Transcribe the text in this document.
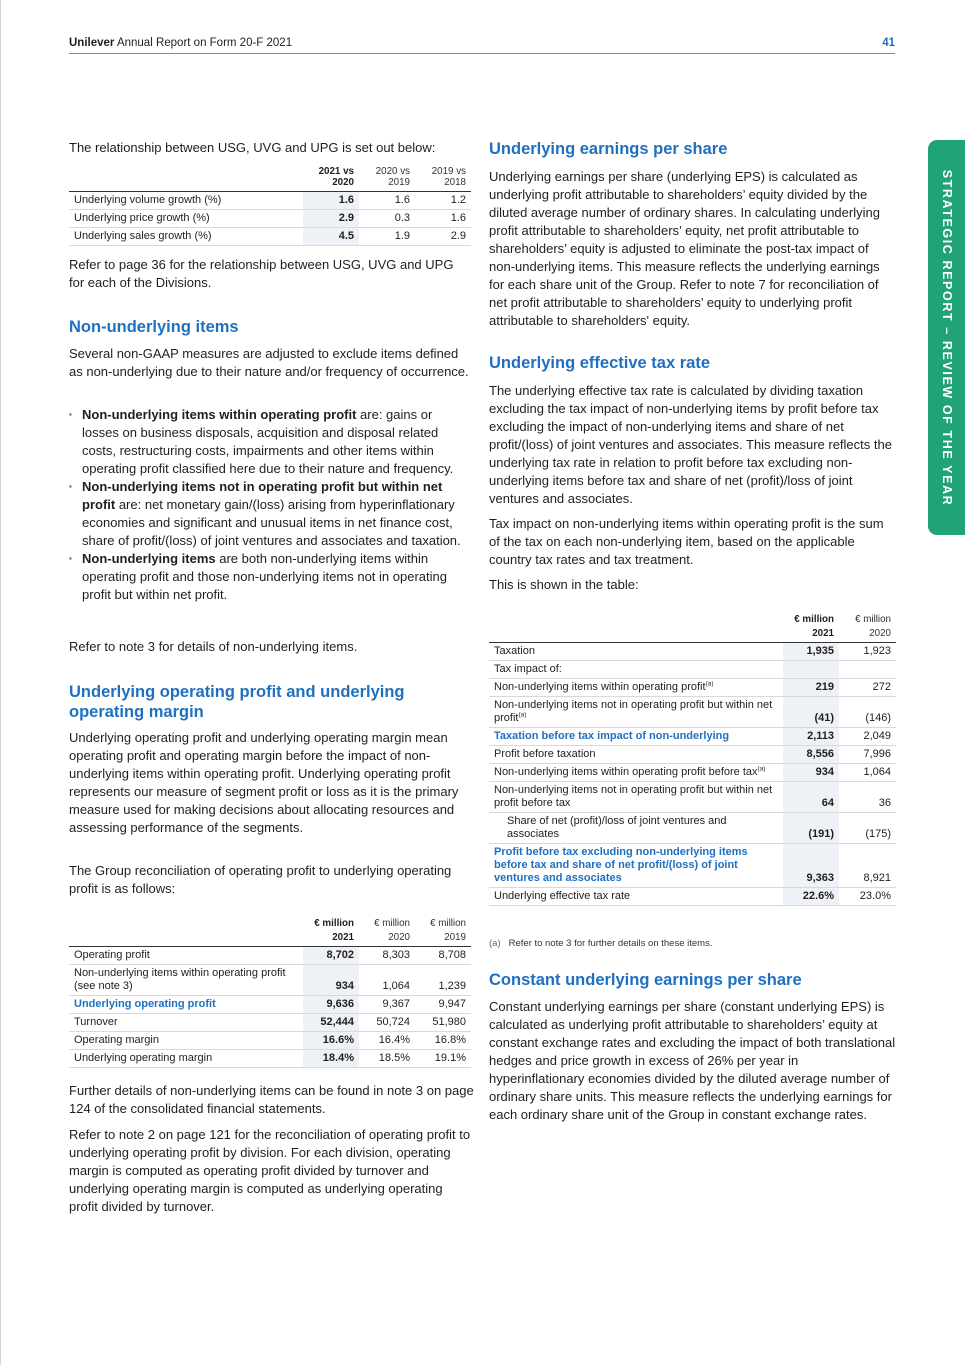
Unilever Annual Report on Form 20-F 2021	41
STRATEGIC REPORT – REVIEW OF THE YEAR

The relationship between USG, UVG and UPG is set out below:

	2021 vs 2020	2020 vs 2019	2019 vs 2018
Underlying volume growth (%)	1.6	1.6	1.2
Underlying price growth (%)	2.9	0.3	1.6
Underlying sales growth (%)	4.5	1.9	2.9

Refer to page 36 for the relationship between USG, UVG and UPG for each of the Divisions.

Non-underlying items

Several non-GAAP measures are adjusted to exclude items defined as non-underlying due to their nature and/or frequency of occurrence.

▪ Non-underlying items within operating profit are: gains or losses on business disposals, acquisition and disposal related costs, restructuring costs, impairments and other items within operating profit classified here due to their nature and frequency.
▪ Non-underlying items not in operating profit but within net profit are: net monetary gain/(loss) arising from hyperinflationary economies and significant and unusual items in net finance cost, share of profit/(loss) of joint ventures and associates and taxation.
▪ Non-underlying items are both non-underlying items within operating profit and those non-underlying items not in operating profit but within net profit.

Refer to note 3 for details of non-underlying items.

Underlying operating profit and underlying operating margin

Underlying operating profit and underlying operating margin mean operating profit and operating margin before the impact of non-underlying items within operating profit. Underlying operating profit represents our measure of segment profit or loss as it is the primary measure used for making decisions about allocating resources and assessing performance of the segments.

The Group reconciliation of operating profit to underlying operating profit is as follows:

	€ million	€ million	€ million
	2021	2020	2019
Operating profit	8,702	8,303	8,708
Non-underlying items within operating profit (see note 3)	934	1,064	1,239
Underlying operating profit	9,636	9,367	9,947
Turnover	52,444	50,724	51,980
Operating margin	16.6%	16.4%	16.8%
Underlying operating margin	18.4%	18.5%	19.1%

Further details of non-underlying items can be found in note 3 on page 124 of the consolidated financial statements.

Refer to note 2 on page 121 for the reconciliation of operating profit to underlying operating profit by division. For each division, operating margin is computed as operating profit divided by turnover and underlying operating margin is computed as underlying operating profit divided by turnover.

Underlying earnings per share

Underlying earnings per share (underlying EPS) is calculated as underlying profit attributable to shareholders’ equity divided by the diluted average number of ordinary shares. In calculating underlying profit attributable to shareholders’ equity, net profit attributable to shareholders’ equity is adjusted to eliminate the post-tax impact of non-underlying items. This measure reflects the underlying earnings for each share unit of the Group. Refer to note 7 for reconciliation of net profit attributable to shareholders’ equity to underlying profit attributable to shareholders' equity.

Underlying effective tax rate

The underlying effective tax rate is calculated by dividing taxation excluding the tax impact of non-underlying items by profit before tax excluding the impact of non-underlying items and share of net profit/(loss) of joint ventures and associates. This measure reflects the underlying tax rate in relation to profit before tax excluding non-underlying items before tax and share of net (profit)/loss of joint ventures and associates.

Tax impact on non-underlying items within operating profit is the sum of the tax on each non-underlying item, based on the applicable country tax rates and tax treatment.

This is shown in the table:

	€ million	€ million
	2021	2020
Taxation	1,935	1,923
Tax impact of:		
Non-underlying items within operating profit$^{(a)}$	219	272
Non-underlying items not in operating profit but within net profit$^{(a)}$	(41)	(146)
Taxation before tax impact of non-underlying	2,113	2,049
Profit before taxation	8,556	7,996
Non-underlying items within operating profit before tax$^{(a)}$	934	1,064
Non-underlying items not in operating profit but within net profit before tax	64	36
Share of net (profit)/loss of joint ventures and associates	(191)	(175)
Profit before tax excluding non-underlying items before tax and share of net profit/(loss) of joint ventures and associates	9,363	8,921
Underlying effective tax rate	22.6%	23.0%
(a) Refer to note 3 for further details on these items.
Constant underlying earnings per share

Constant underlying earnings per share (constant underlying EPS) is calculated as underlying profit attributable to shareholders’ equity at constant exchange rates and excluding the impact of both translational hedges and price growth in excess of 26% per year in hyperinflationary economies divided by the diluted average number of ordinary share units. This measure reflects the underlying earnings for each ordinary share unit of the Group in constant exchange rates.
